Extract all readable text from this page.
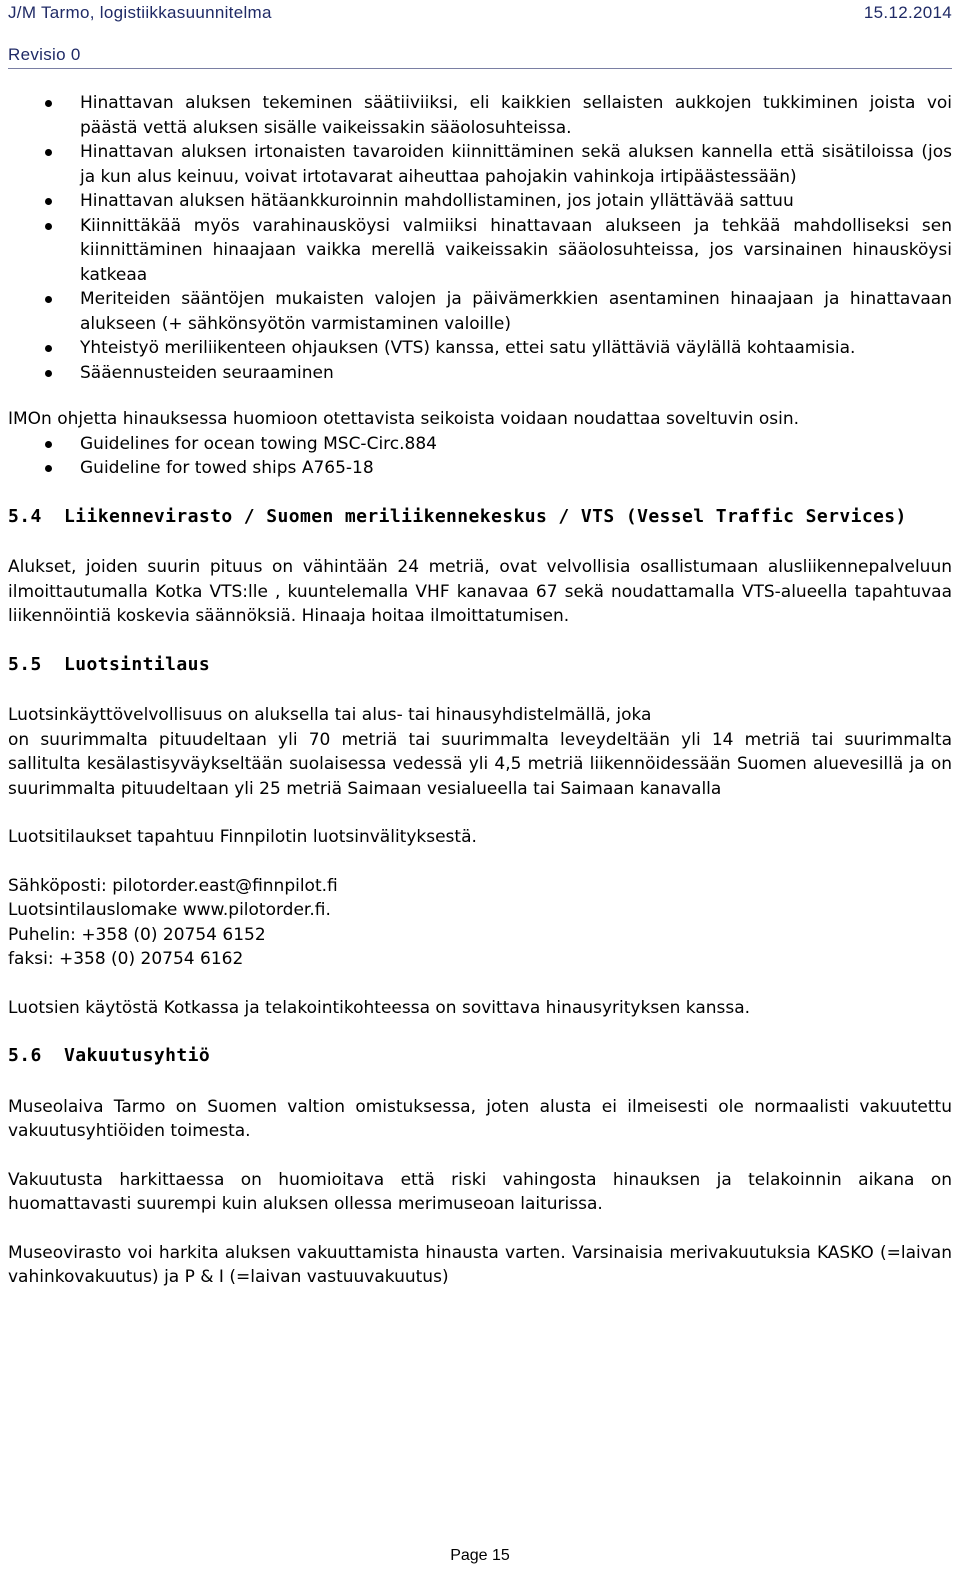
J/M Tarmo, logistiikkasuunnitelma	15.12.2014
Revisio 0
Hinattavan aluksen tekeminen säätiiviiksi, eli kaikkien sellaisten aukkojen tukkiminen joista voi päästä vettä aluksen sisälle vaikeissakin sääolosuhteissa.
Hinattavan aluksen irtonaisten tavaroiden kiinnittäminen sekä aluksen kannella että sisätiloissa (jos ja kun alus keinuu, voivat irtotavarat aiheuttaa pahojakin vahinkoja irtipäästessään)
Hinattavan aluksen hätäankkuroinnin mahdollistaminen, jos jotain yllättävää sattuu
Kiinnittäkää myös varahinausköysi valmiiksi hinattavaan alukseen ja tehkää mahdolliseksi sen kiinnittäminen hinaajaan vaikka merellä vaikeissakin sääolosuhteissa, jos varsinainen hinausköysi katkeaa
Meriteiden sääntöjen mukaisten valojen ja päivämerkkien asentaminen hinaajaan ja hinattavaan alukseen (+ sähkönsyötön varmistaminen valoille)
Yhteistyö meriliikenteen ohjauksen (VTS) kanssa, ettei satu yllättäviä väylällä kohtaamisia.
Sääennusteiden seuraaminen

IMOn ohjetta hinauksessa huomioon otettavista seikoista voidaan noudattaa soveltuvin osin.

Guidelines for ocean towing MSC-Circ.884
Guideline for towed ships A765-18
5.4 Liikennevirasto / Suomen meriliikennekeskus / VTS (Vessel Traffic Services)

Alukset, joiden suurin pituus on vähintään 24 metriä, ovat velvollisia osallistumaan alusliikennepalveluun ilmoittautumalla Kotka VTS:lle , kuuntelemalla VHF kanavaa 67 sekä noudattamalla VTS-alueella tapahtuvaa liikennöintiä koskevia säännöksiä. Hinaaja hoitaa ilmoittatumisen.

5.5 Luotsintilaus

Luotsinkäyttövelvollisuus on aluksella tai alus- tai hinausyhdistelmällä, joka

on suurimmalta pituudeltaan yli 70 metriä tai suurimmalta leveydeltään yli 14 metriä tai suurimmalta sallitulta kesälastisyväykseltään suolaisessa vedessä yli 4,5 metriä liikennöidessään Suomen aluevesillä ja on suurimmalta pituudeltaan yli 25 metriä Saimaan vesialueella tai Saimaan kanavalla

Luotsitilaukset tapahtuu Finnpilotin luotsinvälityksestä.

Sähköposti: pilotorder.east@finnpilot.fi
Luotsintilauslomake www.pilotorder.fi.
Puhelin: +358 (0) 20754 6152
faksi: +358 (0) 20754 6162

Luotsien käytöstä Kotkassa ja telakointikohteessa on sovittava hinausyrityksen kanssa.

5.6 Vakuutusyhtiö

Museolaiva Tarmo on Suomen valtion omistuksessa, joten alusta ei ilmeisesti ole normaalisti vakuutettu vakuutusyhtiöiden toimesta.

Vakuutusta harkittaessa on huomioitava että riski vahingosta hinauksen ja telakoinnin aikana on huomattavasti suurempi kuin aluksen ollessa merimuseoan laiturissa.

Museovirasto voi harkita aluksen vakuuttamista hinausta varten. Varsinaisia merivakuutuksia KASKO (=laivan vahinkovakuutus) ja P & I (=laivan vastuuvakuutus)

Page 15
